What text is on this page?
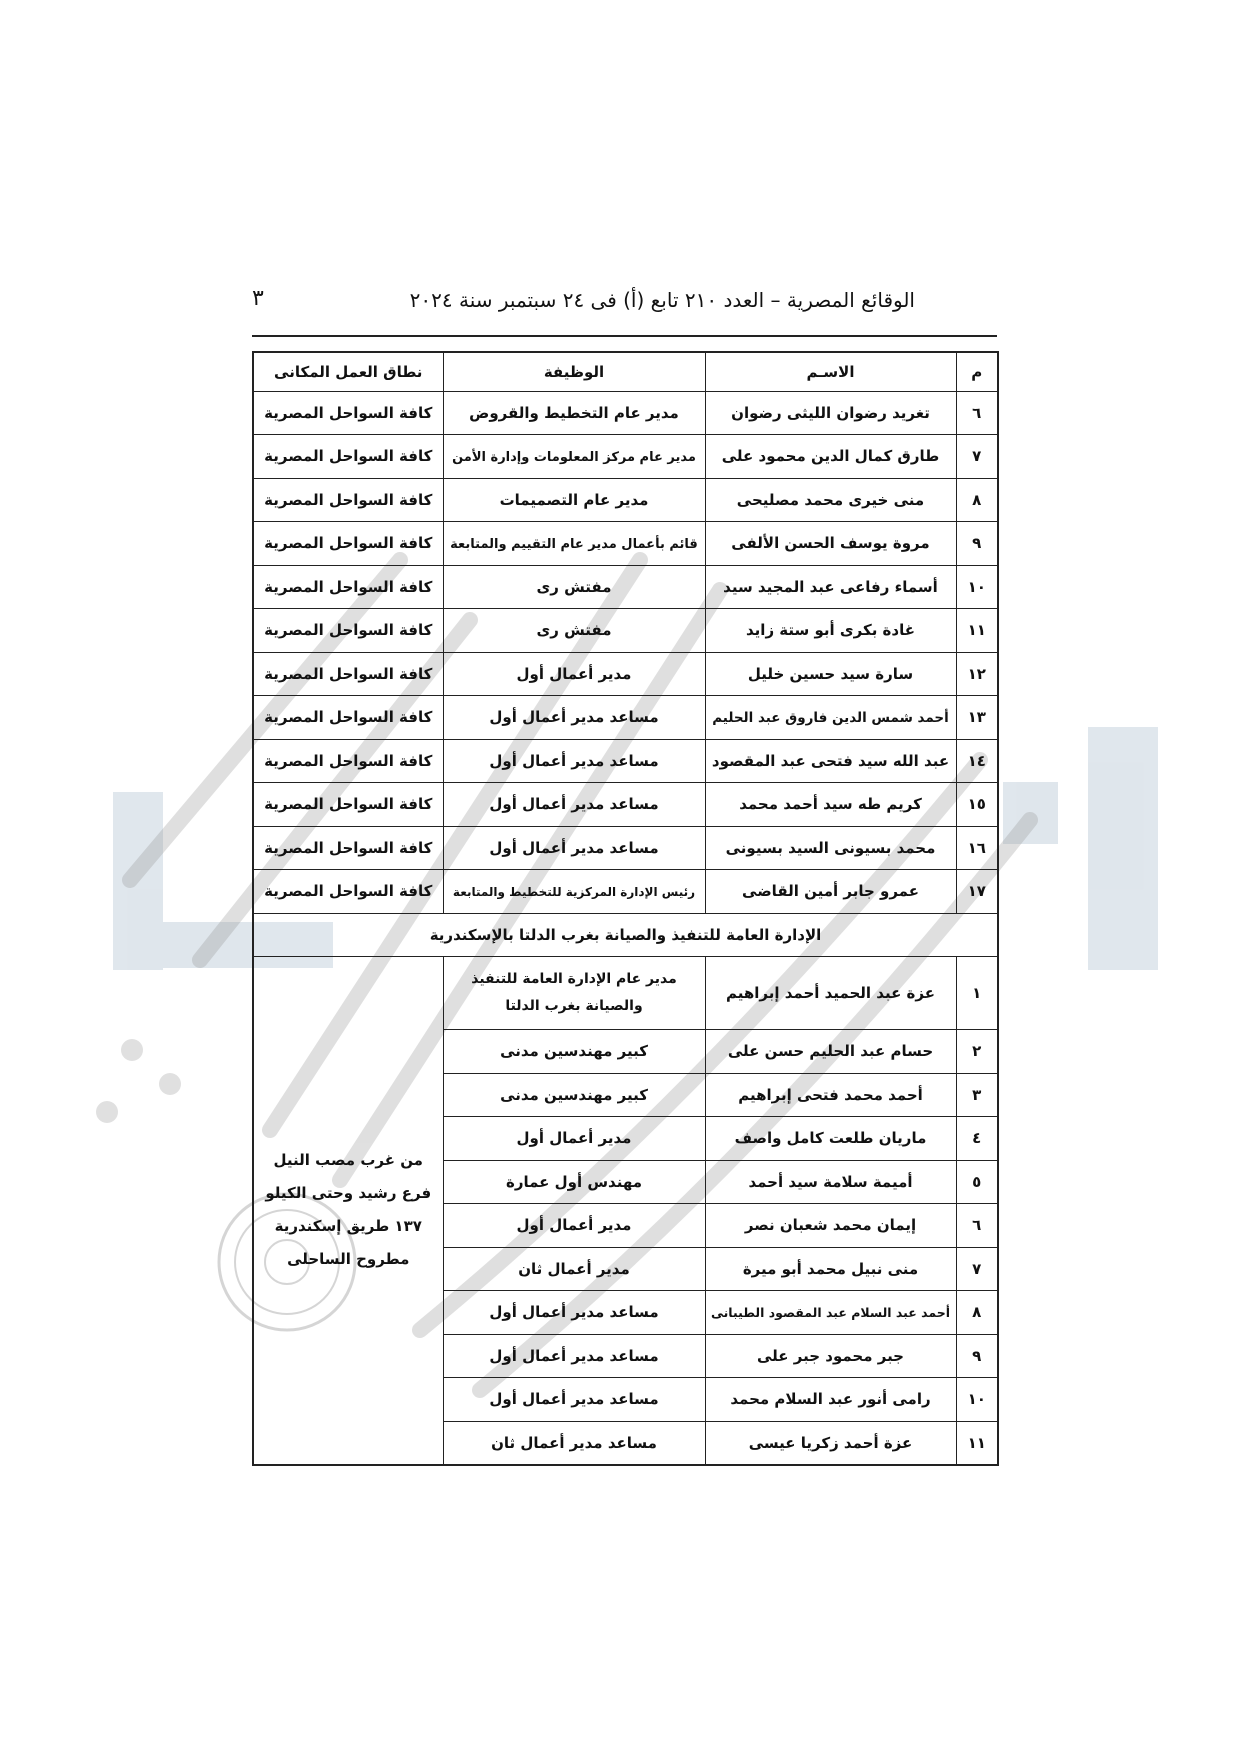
٣	الوقائع المصرية – العدد ٢١٠ تابع (أ) فى ٢٤ سبتمبر سنة ٢٠٢٤
م	الاسـم	الوظيفة	نطاق العمل المكانى
٦	تغريد رضوان الليثى رضوان	مدير عام التخطيط والقروض	كافة السواحل المصرية
٧	طارق كمال الدين محمود على	مدير عام مركز المعلومات وإدارة الأمن	كافة السواحل المصرية
٨	منى خيرى محمد مصليحى	مدير عام التصميمات	كافة السواحل المصرية
٩	مروة يوسف الحسن الألفى	قائم بأعمال مدير عام التقييم والمتابعة	كافة السواحل المصرية
١٠	أسماء رفاعى عبد المجيد سيد	مفتش رى	كافة السواحل المصرية
١١	غادة بكرى أبو ستة زايد	مفتش رى	كافة السواحل المصرية
١٢	سارة سيد حسين خليل	مدير أعمال أول	كافة السواحل المصرية
١٣	أحمد شمس الدين فاروق عبد الحليم	مساعد مدير أعمال أول	كافة السواحل المصرية
١٤	عبد الله سيد فتحى عبد المقصود	مساعد مدير أعمال أول	كافة السواحل المصرية
١٥	كريم طه سيد أحمد محمد	مساعد مدير أعمال أول	كافة السواحل المصرية
١٦	محمد بسيونى السيد بسيونى	مساعد مدير أعمال أول	كافة السواحل المصرية
١٧	عمرو جابر أمين القاضى	رئيس الإدارة المركزية للتخطيط والمتابعة	كافة السواحل المصرية
الإدارة العامة للتنفيذ والصيانة بغرب الدلتا بالإسكندرية			
١	عزة عبد الحميد أحمد إبراهيم	مدير عام الإدارة العامة للتنفيذ والصيانة بغرب الدلتا	من غرب مصب النيل
فرع رشيد وحتى الكيلو
١٣٧ طريق إسكندرية
مطروح الساحلى

٢	حسام عبد الحليم حسن على	كبير مهندسين مدنى	
٣	أحمد محمد فتحى إبراهيم	كبير مهندسين مدنى	
٤	ماريان طلعت كامل واصف	مدير أعمال أول	
٥	أميمة سلامة سيد أحمد	مهندس أول عمارة	
٦	إيمان محمد شعبان نصر	مدير أعمال أول	
٧	منى نبيل محمد أبو ميرة	مدير أعمال ثان	
٨	أحمد عبد السلام عبد المقصود الطيبانى	مساعد مدير أعمال أول	
٩	جبر محمود جبر على	مساعد مدير أعمال أول	
١٠	رامى أنور عبد السلام محمد	مساعد مدير أعمال أول	
١١	عزة أحمد زكريا عيسى	مساعد مدير أعمال ثان	
